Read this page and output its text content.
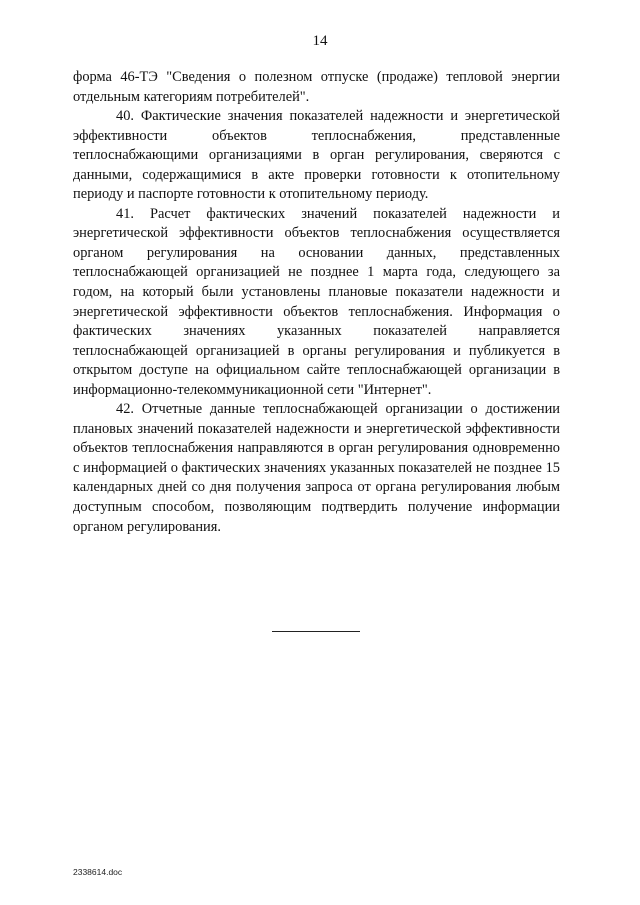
14

форма 46-ТЭ "Сведения о полезном отпуске (продаже) тепловой энергии отдельным категориям потребителей".

40. Фактические значения показателей надежности и энергетической эффективности объектов теплоснабжения, представленные теплоснабжающими организациями в орган регулирования, сверяются с данными, содержащимися в акте проверки готовности к отопительному периоду и паспорте готовности к отопительному периоду.

41. Расчет фактических значений показателей надежности и энергетической эффективности объектов теплоснабжения осуществляется органом регулирования на основании данных, представленных теплоснабжающей организацией не позднее 1 марта года, следующего за годом, на который были установлены плановые показатели надежности и энергетической эффективности объектов теплоснабжения. Информация о фактических значениях указанных показателей направляется теплоснабжающей организацией в органы регулирования и публикуется в открытом доступе на официальном сайте теплоснабжающей организации в информационно-телекоммуникационной сети "Интернет".

42. Отчетные данные теплоснабжающей организации о достижении плановых значений показателей надежности и энергетической эффективности объектов теплоснабжения направляются в орган регулирования одновременно с информацией о фактических значениях указанных показателей не позднее 15 календарных дней со дня получения запроса от органа регулирования любым доступным способом, позволяющим подтвердить получение информации органом регулирования.

2338614.doc
